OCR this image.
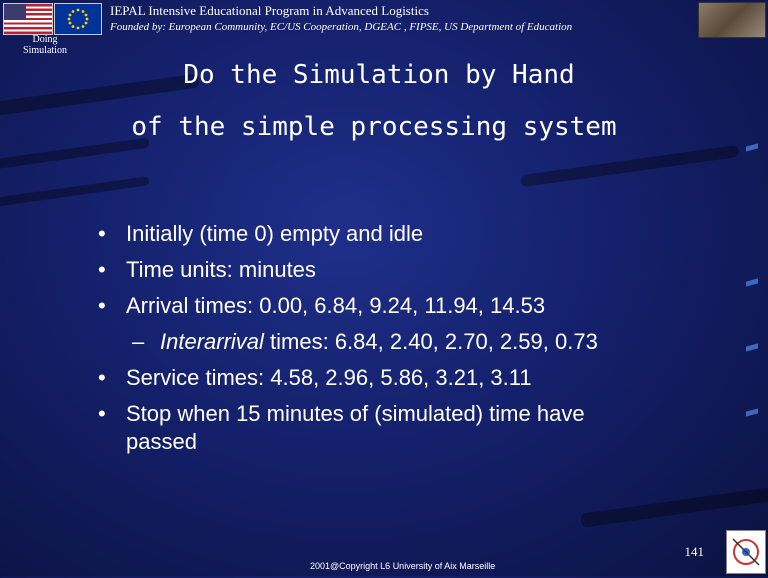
IEPAL Intensive Educational Program in Advanced Logistics
Founded by: European Community, EC/US Cooperation, DGEAC , FIPSE, US Department of Education
Doing Simulation
Do the Simulation by Hand
of the simple processing system
• Initially (time 0) empty and idle
• Time units: minutes
• Arrival times: 0.00, 6.84, 9.24, 11.94, 14.53
– Interarrival times: 6.84, 2.40, 2.70, 2.59, 0.73
• Service times: 4.58, 2.96, 5.86, 3.21, 3.11
• Stop when 15 minutes of (simulated) time have
passed
141
2001@Copyright L6 University of Aix Marseille
